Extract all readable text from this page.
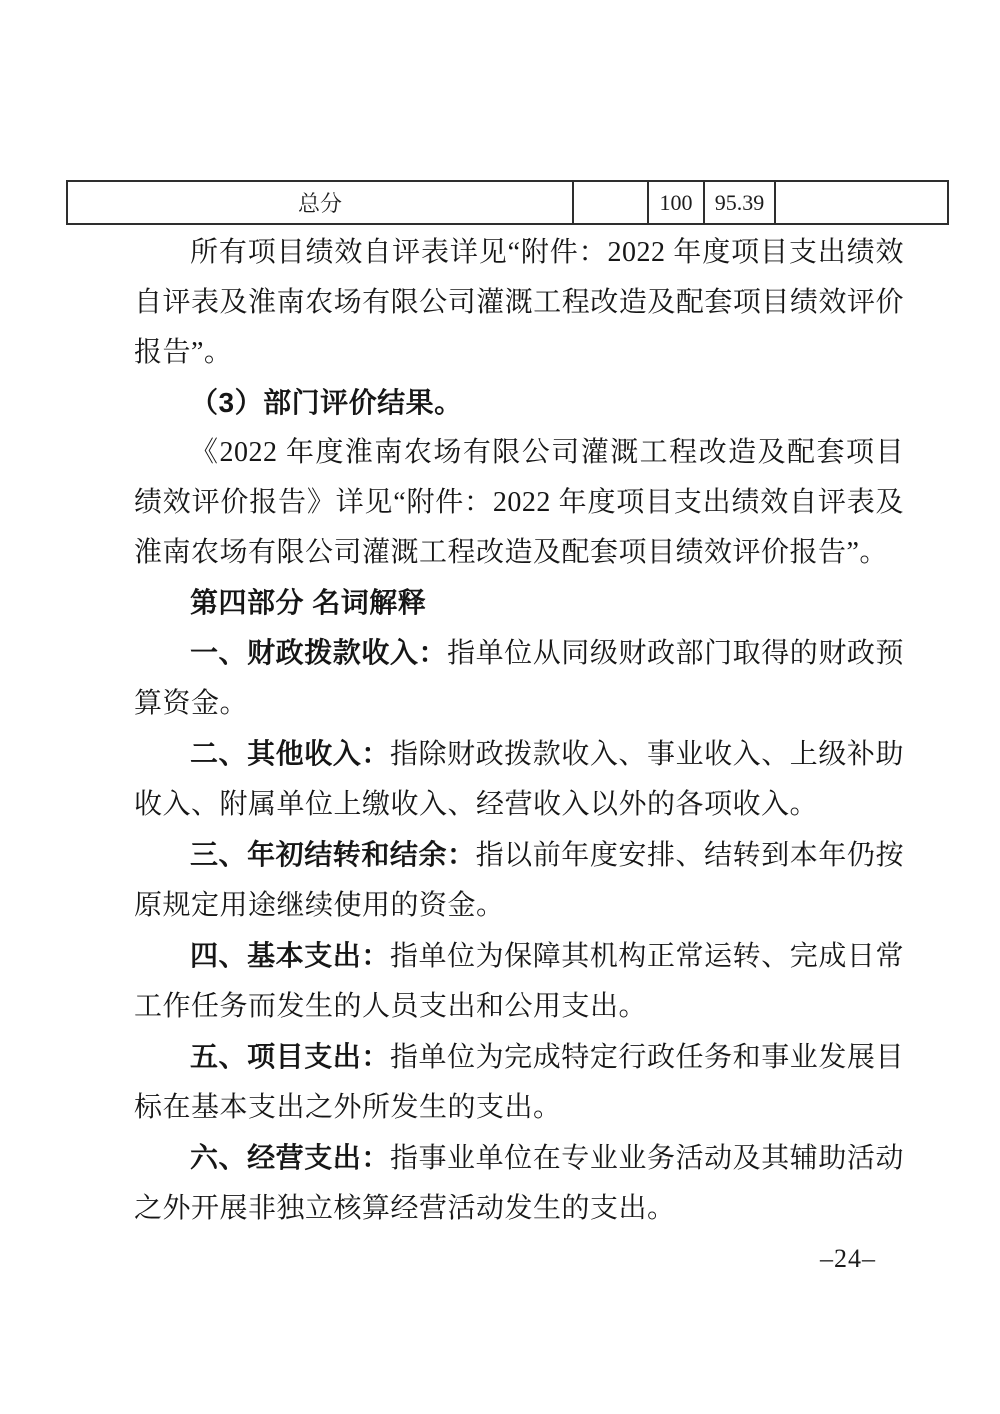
总分		100	95.39	

所有项目绩效自评表详见“附件：2022 年度项目支出绩效自评表及淮南农场有限公司灌溉工程改造及配套项目绩效评价报告”。

（3）部门评价结果。

《2022 年度淮南农场有限公司灌溉工程改造及配套项目绩效评价报告》详见“附件：2022 年度项目支出绩效自评表及淮南农场有限公司灌溉工程改造及配套项目绩效评价报告”。

第四部分 名词解释

一、财政拨款收入：指单位从同级财政部门取得的财政预算资金。

二、其他收入：指除财政拨款收入、事业收入、上级补助收入、附属单位上缴收入、经营收入以外的各项收入。

三、年初结转和结余：指以前年度安排、结转到本年仍按原规定用途继续使用的资金。

四、基本支出：指单位为保障其机构正常运转、完成日常工作任务而发生的人员支出和公用支出。

五、项目支出：指单位为完成特定行政任务和事业发展目标在基本支出之外所发生的支出。

六、经营支出：指事业单位在专业业务活动及其辅助活动之外开展非独立核算经营活动发生的支出。

–24–
